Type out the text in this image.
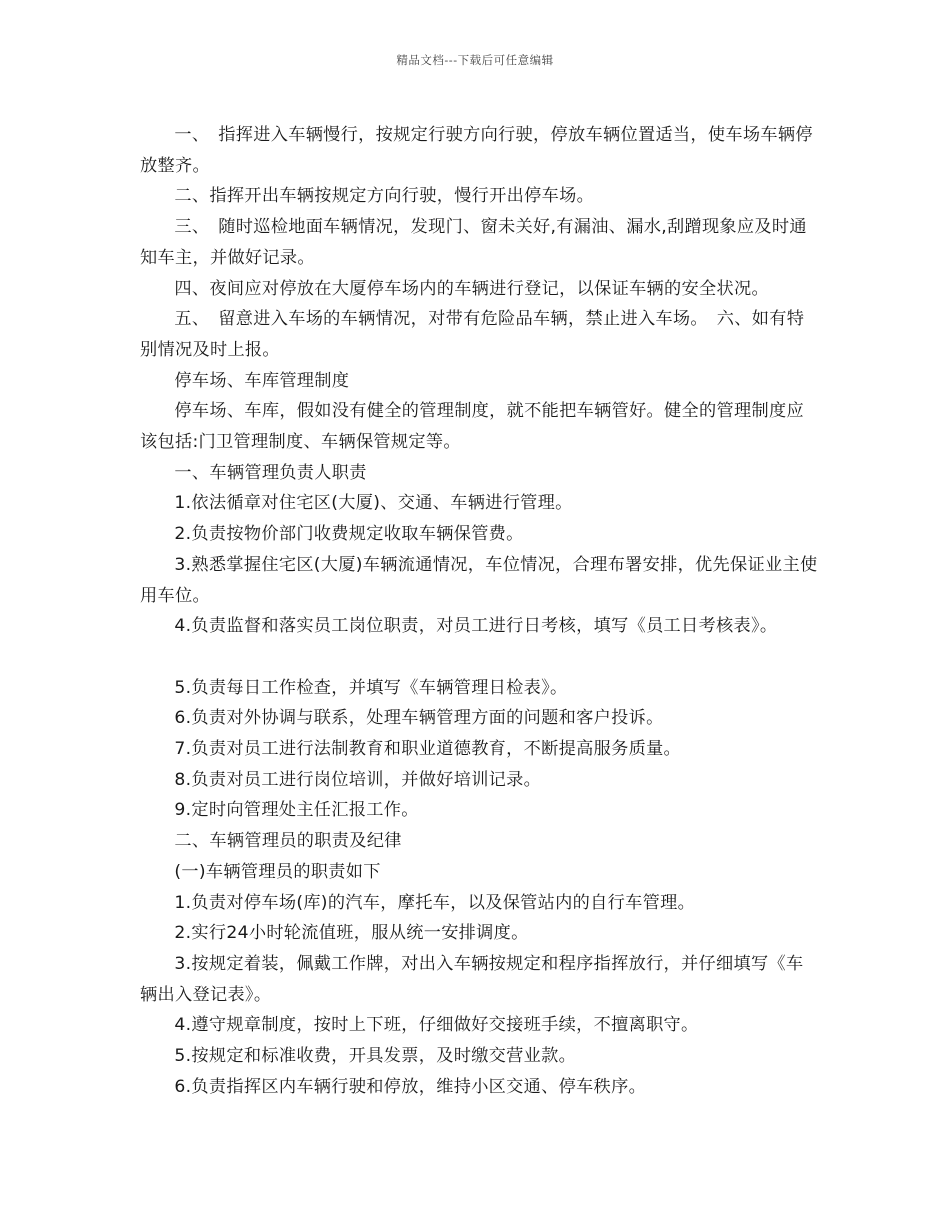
精品文档---下载后可任意编辑

一、　指挥进入车辆慢行，按规定行驶方向行驶，停放车辆位置适当，使车场车辆停放整齐。

二、指挥开出车辆按规定方向行驶，慢行开出停车场。

三、　随时巡检地面车辆情况，发现门、窗未关好,有漏油、漏水,刮蹭现象应及时通知车主，并做好记录。

四、夜间应对停放在大厦停车场内的车辆进行登记，以保证车辆的安全状况。

五、　留意进入车场的车辆情况，对带有危险品车辆，禁止进入车场。　六、如有特别情况及时上报。

停车场、车库管理制度

停车场、车库，假如没有健全的管理制度，就不能把车辆管好。健全的管理制度应该包括:门卫管理制度、车辆保管规定等。

一、车辆管理负责人职责

1.依法循章对住宅区(大厦)、交通、车辆进行管理。

2.负责按物价部门收费规定收取车辆保管费。

3.熟悉掌握住宅区(大厦)车辆流通情况，车位情况，合理布署安排，优先保证业主使用车位。

4.负责监督和落实员工岗位职责，对员工进行日考核，填写《员工日考核表》。

5.负责每日工作检查，并填写《车辆管理日检表》。

6.负责对外协调与联系，处理车辆管理方面的问题和客户投诉。

7.负责对员工进行法制教育和职业道德教育，不断提高服务质量。

8.负责对员工进行岗位培训，并做好培训记录。

9.定时向管理处主任汇报工作。

二、车辆管理员的职责及纪律

(一)车辆管理员的职责如下

1.负责对停车场(库)的汽车，摩托车，以及保管站内的自行车管理。

2.实行24小时轮流值班，服从统一安排调度。

3.按规定着装，佩戴工作牌，对出入车辆按规定和程序指挥放行，并仔细填写《车辆出入登记表》。

4.遵守规章制度，按时上下班，仔细做好交接班手续，不擅离职守。

5.按规定和标准收费，开具发票，及时缴交营业款。

6.负责指挥区内车辆行驶和停放，维持小区交通、停车秩序。
